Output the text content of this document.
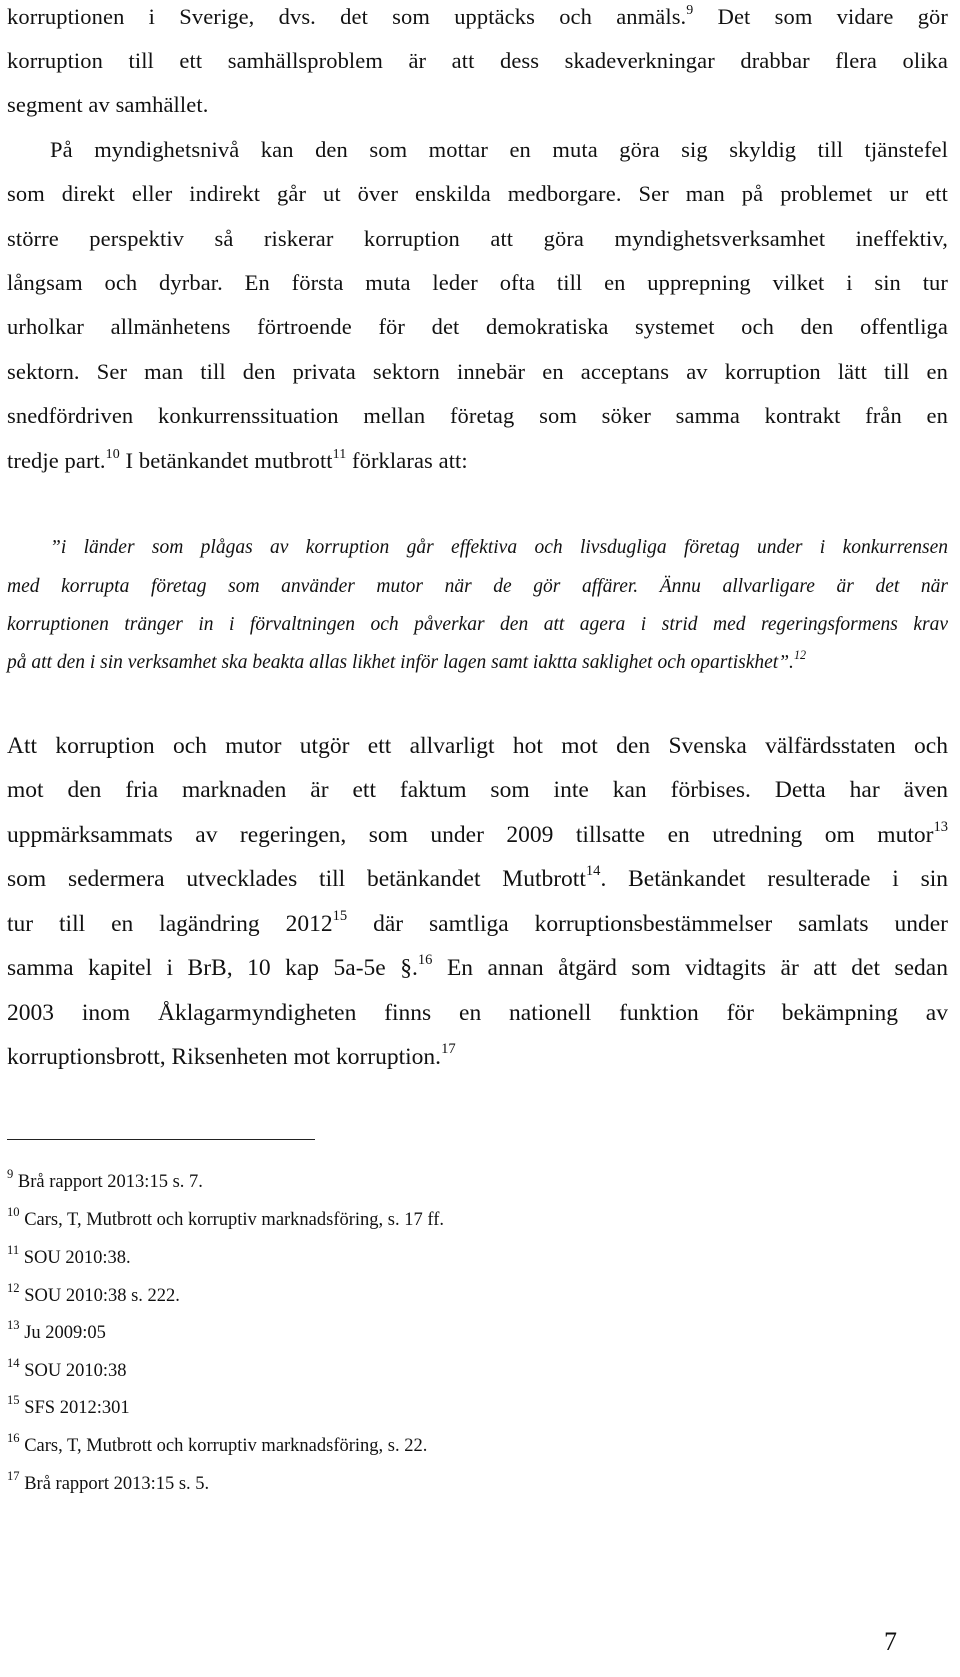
korruptionen i Sverige, dvs. det som upptäcks och anmäls.$^9$ Det som vidare gör
korruption till ett samhällsproblem är att dess skadeverkningar drabbar flera olika
segment av samhället.
På myndighetsnivå kan den som mottar en muta göra sig skyldig till tjänstefel
som direkt eller indirekt går ut över enskilda medborgare. Ser man på problemet ur ett
större perspektiv så riskerar korruption att göra myndighetsverksamhet ineffektiv,
långsam och dyrbar. En första muta leder ofta till en upprepning vilket i sin tur
urholkar allmänhetens förtroende för det demokratiska systemet och den offentliga
sektorn. Ser man till den privata sektorn innebär en acceptans av korruption lätt till en
snedfördriven konkurrenssituation mellan företag som söker samma kontrakt från en
tredje part.$^{10}$ I betänkandet mutbrott$^{11}$ förklaras att:
”i länder som plågas av korruption går effektiva och livsdugliga företag under i konkurrensen
med korrupta företag som använder mutor när de gör affärer. Ännu allvarligare är det när
korruptionen tränger in i förvaltningen och påverkar den att agera i strid med regeringsformens krav
på att den i sin verksamhet ska beakta allas likhet inför lagen samt iaktta saklighet och opartiskhet”.$^{12}$
Att korruption och mutor utgör ett allvarligt hot mot den Svenska välfärdsstaten och
mot den fria marknaden är ett faktum som inte kan förbises. Detta har även
uppmärksammats av regeringen, som under 2009 tillsatte en utredning om mutor$^{13}$
som sedermera utvecklades till betänkandet Mutbrott$^{14}$. Betänkandet resulterade i sin
tur till en lagändring 2012$^{15}$ där samtliga korruptionsbestämmelser samlats under
samma kapitel i BrB, 10 kap 5a-5e §.$^{16}$ En annan åtgärd som vidtagits är att det sedan
2003 inom Åklagarmyndigheten finns en nationell funktion för bekämpning av
korruptionsbrott, Riksenheten mot korruption.$^{17}$
$^9$ Brå rapport 2013:15 s. 7.
$^{10}$ Cars, T, Mutbrott och korruptiv marknadsföring, s. 17 ff.
$^{11}$ SOU 2010:38.
$^{12}$ SOU 2010:38 s. 222.
$^{13}$ Ju 2009:05
$^{14}$ SOU 2010:38
$^{15}$ SFS 2012:301
$^{16}$ Cars, T, Mutbrott och korruptiv marknadsföring, s. 22.
$^{17}$ Brå rapport 2013:15 s. 5.
7
